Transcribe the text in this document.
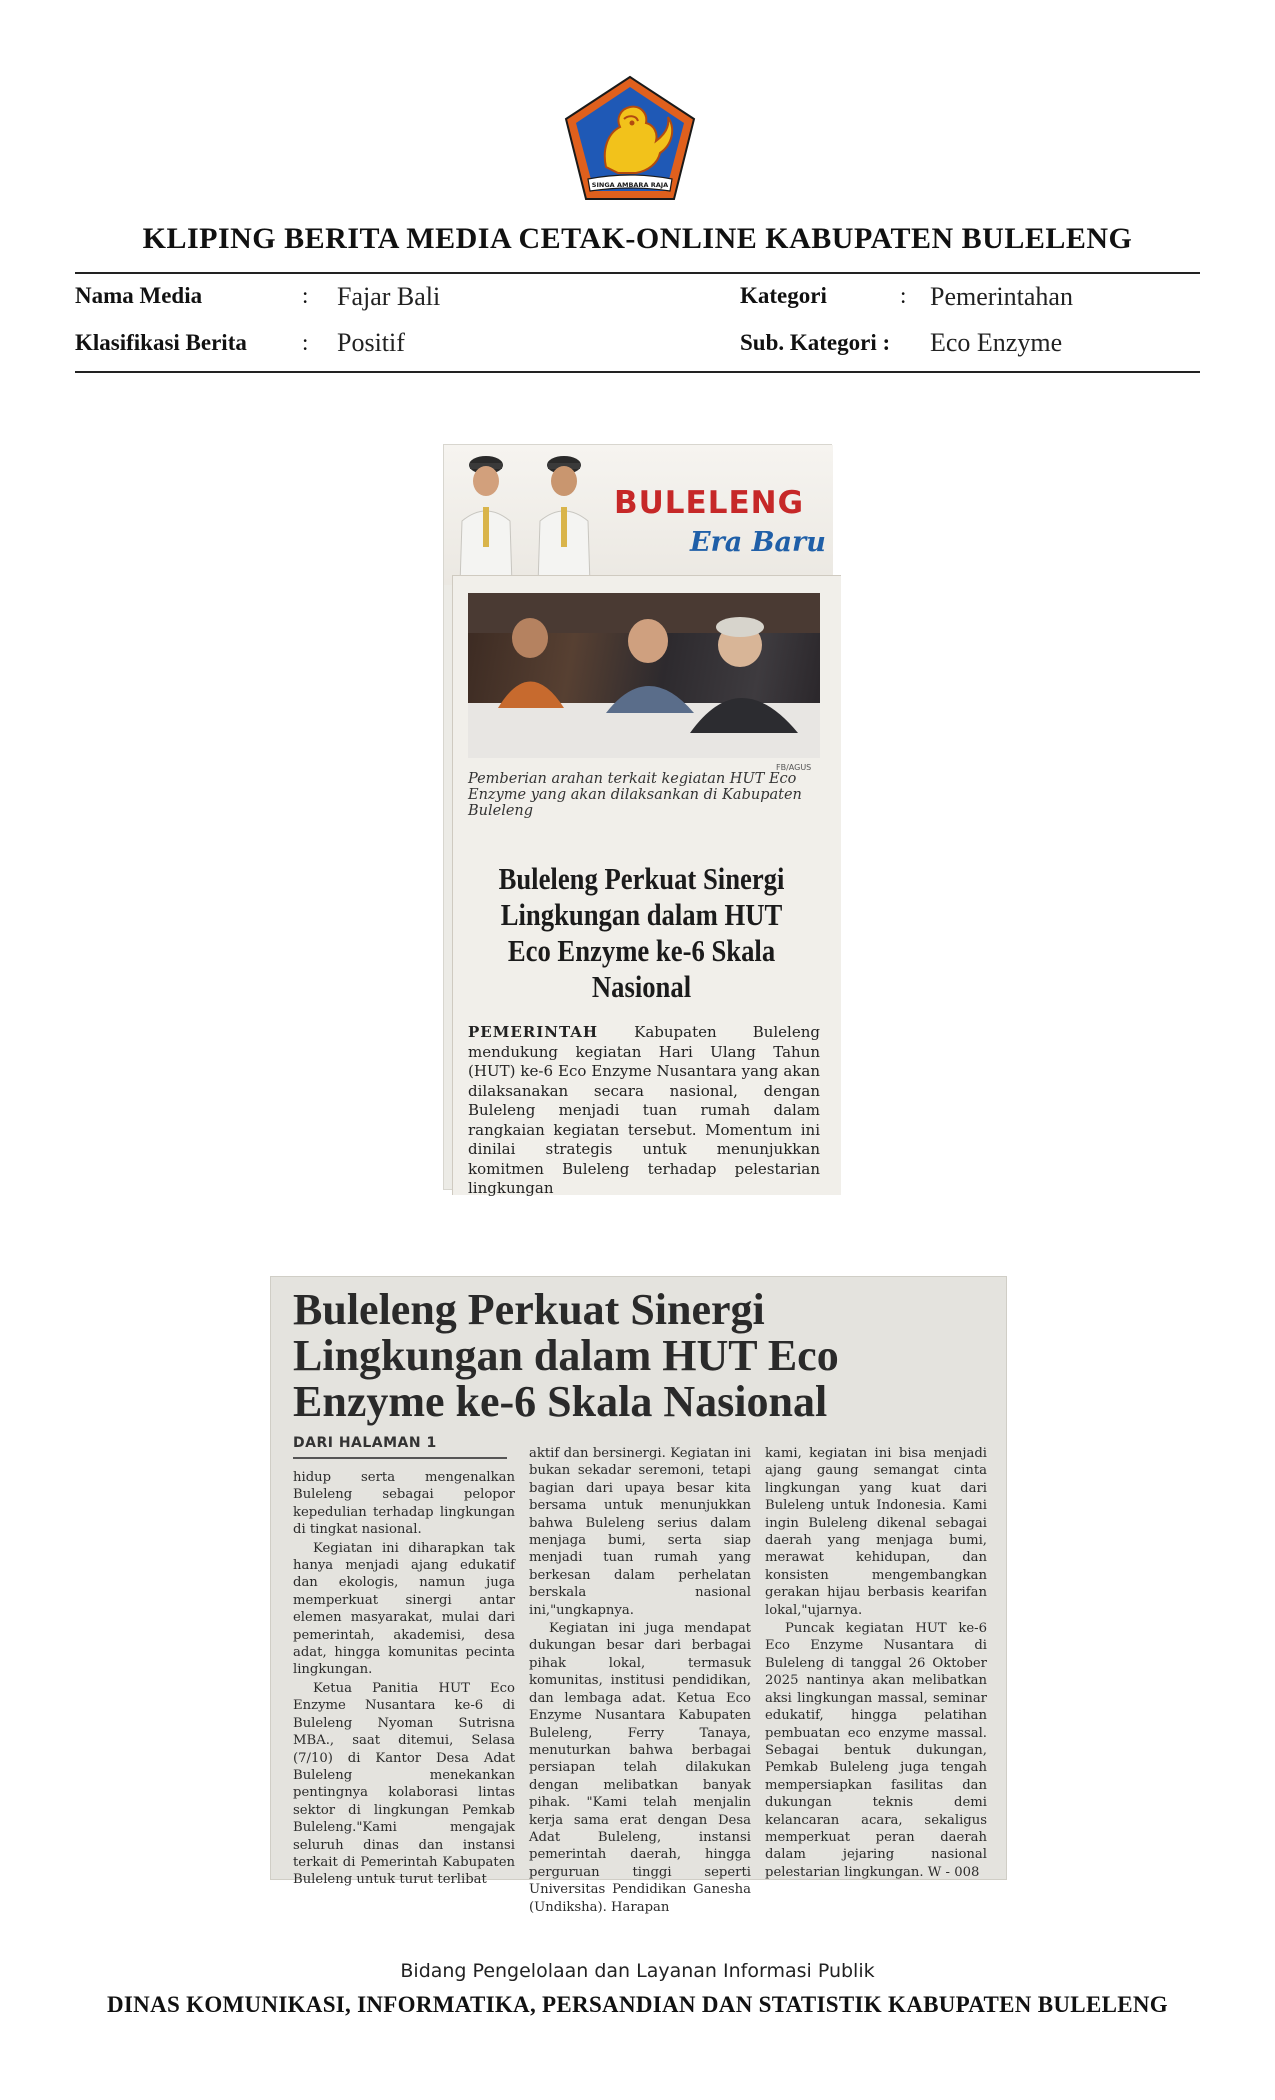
SINGA AMBARA RAJA
KLIPING BERITA MEDIA CETAK-ONLINE KABUPATEN BULELENG
Nama Media	: Fajar Bali	Kategori	: Pemerintahan
Klasifikasi Berita : Positif	Sub. Kategori : Eco Enzyme
BULELENG
Era Baru
FB/AGUS
Pemberian arahan terkait kegiatan HUT Eco Enzyme yang akan dilaksankan di Kabupaten Buleleng
Buleleng Perkuat Sinergi Lingkungan dalam HUT Eco Enzyme ke-6 Skala Nasional
PEMERINTAH Kabupaten Buleleng mendukung kegiatan Hari Ulang Tahun (HUT) ke-6 Eco Enzyme Nusantara yang akan dilaksanakan secara nasional, dengan Buleleng menjadi tuan rumah dalam rangkaian kegiatan tersebut. Momentum ini dinilai strategis untuk menunjukkan komitmen Buleleng terhadap pelestarian lingkungan
Buleleng Perkuat Sinergi Lingkungan dalam HUT Eco Enzyme ke-6 Skala Nasional
DARI HALAMAN 1

hidup serta mengenalkan Buleleng sebagai pelopor kepedulian terhadap lingkungan di tingkat nasional.

Kegiatan ini diharapkan tak hanya menjadi ajang edukatif dan ekologis, namun juga memperkuat sinergi antar elemen masyarakat, mulai dari pemerintah, akademisi, desa adat, hingga komunitas pecinta lingkungan.

Ketua Panitia HUT Eco Enzyme Nusantara ke-6 di Buleleng Nyoman Sutrisna MBA., saat ditemui, Selasa (7/10) di Kantor Desa Adat Buleleng menekankan pentingnya kolaborasi lintas sektor di lingkungan Pemkab Buleleng."Kami mengajak seluruh dinas dan instansi terkait di Pemerintah Kabupaten Buleleng untuk turut terlibat

aktif dan bersinergi. Kegiatan ini bukan sekadar seremoni, tetapi bagian dari upaya besar kita bersama untuk menunjukkan bahwa Buleleng serius dalam menjaga bumi, serta siap menjadi tuan rumah yang berkesan dalam perhelatan berskala nasional ini,"ungkapnya.

Kegiatan ini juga mendapat dukungan besar dari berbagai pihak lokal, termasuk komunitas, institusi pendidikan, dan lembaga adat. Ketua Eco Enzyme Nusantara Kabupaten Buleleng, Ferry Tanaya, menuturkan bahwa berbagai persiapan telah dilakukan dengan melibatkan banyak pihak. "Kami telah menjalin kerja sama erat dengan Desa Adat Buleleng, instansi pemerintah daerah, hingga perguruan tinggi seperti Universitas Pendidikan Ganesha (Undiksha). Harapan

kami, kegiatan ini bisa menjadi ajang gaung semangat cinta lingkungan yang kuat dari Buleleng untuk Indonesia. Kami ingin Buleleng dikenal sebagai daerah yang menjaga bumi, merawat kehidupan, dan konsisten mengembangkan gerakan hijau berbasis kearifan lokal,"ujarnya.

Puncak kegiatan HUT ke-6 Eco Enzyme Nusantara di Buleleng di tanggal 26 Oktober 2025 nantinya akan melibatkan aksi lingkungan massal, seminar edukatif, hingga pelatihan pembuatan eco enzyme massal. Sebagai bentuk dukungan, Pemkab Buleleng juga tengah mempersiapkan fasilitas dan dukungan teknis demi kelancaran acara, sekaligus memperkuat peran daerah dalam jejaring nasional pelestarian lingkungan. W - 008

Bidang Pengelolaan dan Layanan Informasi Publik
DINAS KOMUNIKASI, INFORMATIKA, PERSANDIAN DAN STATISTIK KABUPATEN BULELENG
